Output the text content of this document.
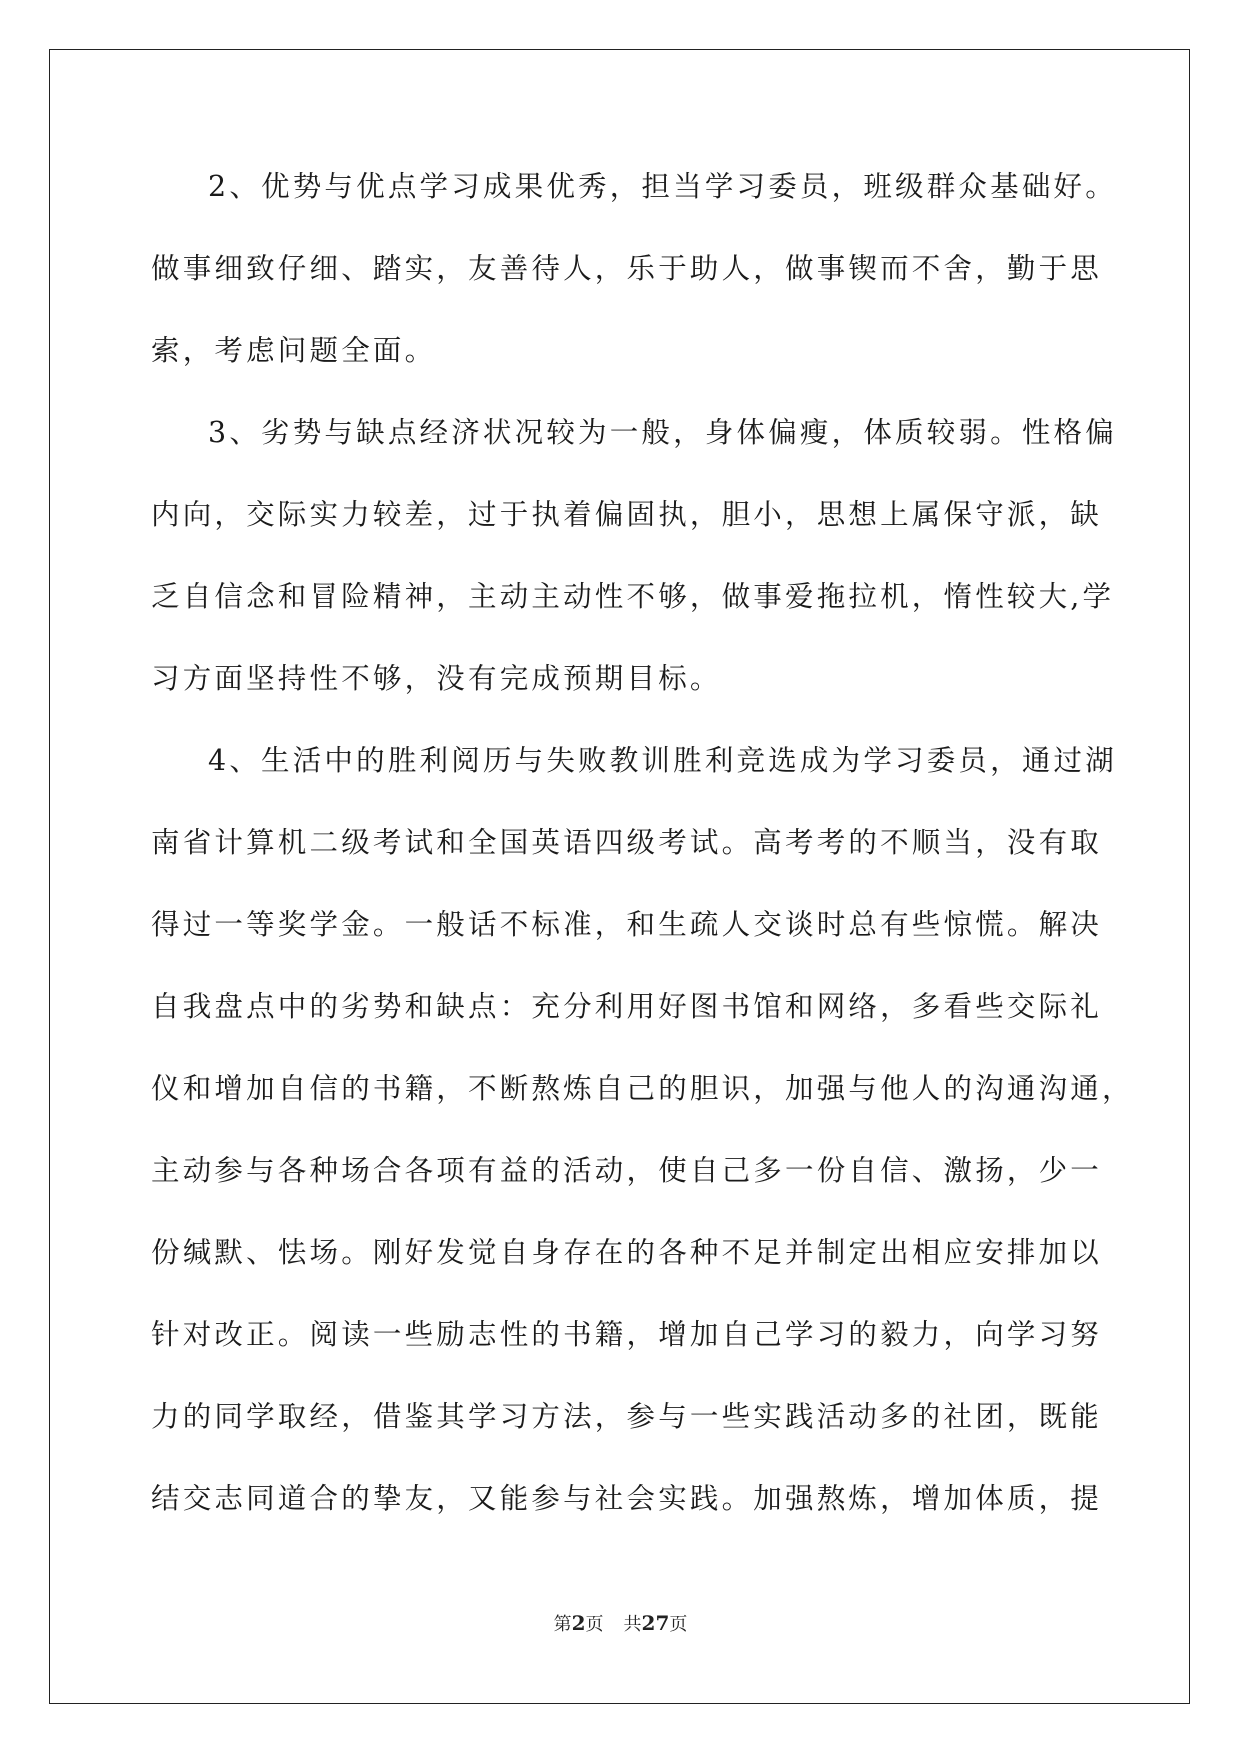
2、优势与优点学习成果优秀，担当学习委员，班级群众基础好。
做事细致仔细、踏实，友善待人，乐于助人，做事锲而不舍，勤于思
索，考虑问题全面。
3、劣势与缺点经济状况较为一般，身体偏瘦，体质较弱。性格偏
内向，交际实力较差，过于执着偏固执，胆小，思想上属保守派，缺
乏自信念和冒险精神，主动主动性不够，做事爱拖拉机，惰性较大,学
习方面坚持性不够，没有完成预期目标。
4、生活中的胜利阅历与失败教训胜利竞选成为学习委员，通过湖
南省计算机二级考试和全国英语四级考试。高考考的不顺当，没有取
得过一等奖学金。一般话不标准，和生疏人交谈时总有些惊慌。解决
自我盘点中的劣势和缺点：充分利用好图书馆和网络，多看些交际礼
仪和增加自信的书籍，不断熬炼自己的胆识，加强与他人的沟通沟通，
主动参与各种场合各项有益的活动，使自己多一份自信、激扬，少一
份缄默、怯场。刚好发觉自身存在的各种不足并制定出相应安排加以
针对改正。阅读一些励志性的书籍，增加自己学习的毅力，向学习努
力的同学取经，借鉴其学习方法，参与一些实践活动多的社团，既能
结交志同道合的挚友，又能参与社会实践。加强熬炼，增加体质，提
第2页 共27页
